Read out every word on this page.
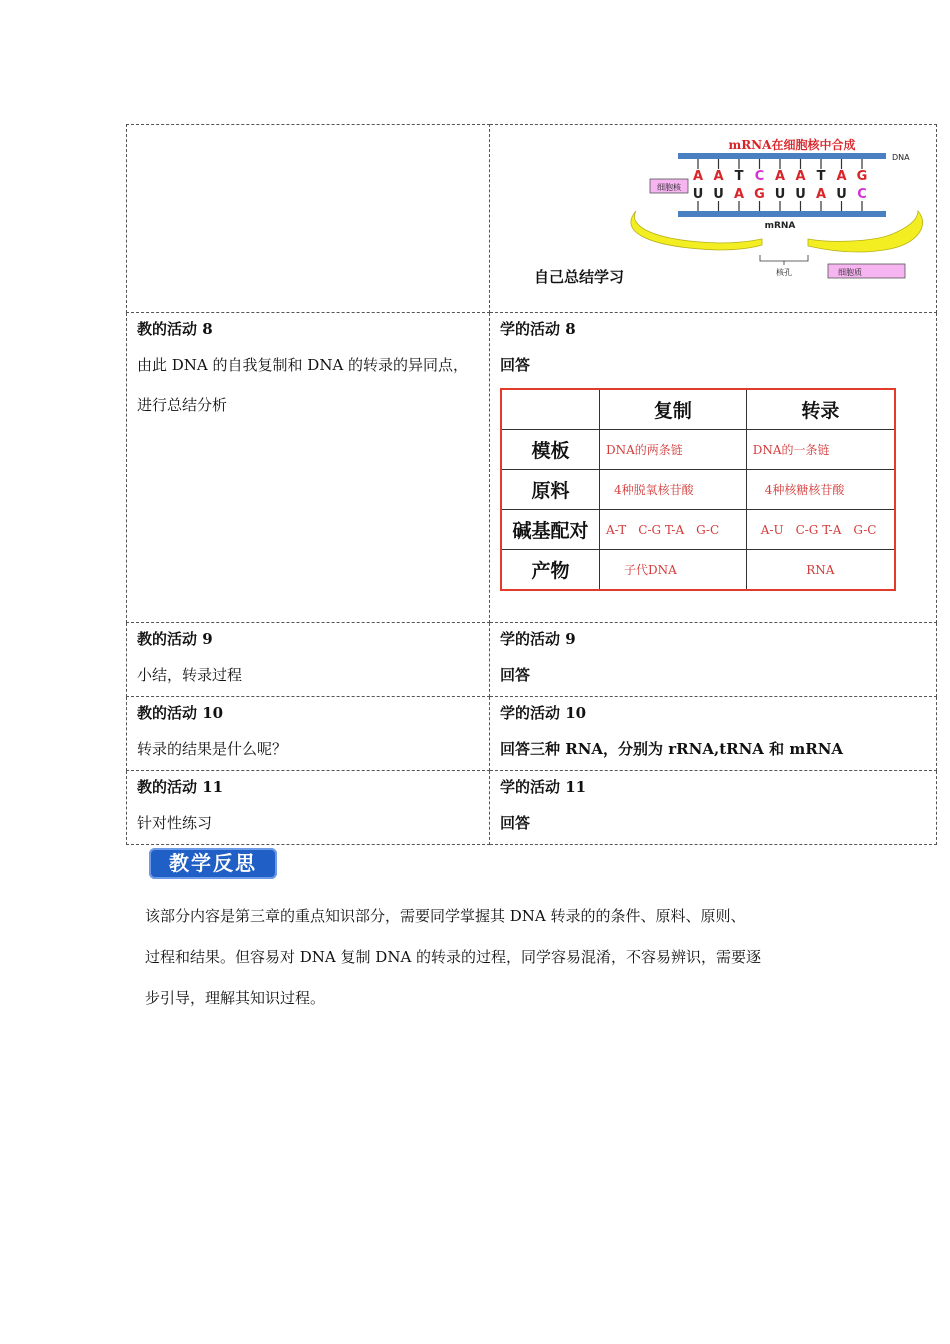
mRNA在细胞核中合成
DNA
A A T C A A T A G
U U A G U U A U C
mRNA
细胞核
核孔	细胞质
自己总结学习

教的活动 8
由此 DNA 的自我复制和 DNA 的转录的异同点，
进行总结分析

学的活动 8
回答
	复制	转录
模板	DNA的两条链	DNA的一条链
原料	4种脱氧核苷酸	4种核糖核苷酸
碱基配对	A-T　C-G T-A　G-C	A-U　C-G T-A　G-C
产物	子代DNA	RNA

教的活动 9
小结，转录过程

学的活动 9
回答

教的活动 10
转录的结果是什么呢？

学的活动 10
回答三种 RNA，分别为 rRNA,tRNA 和 mRNA

教的活动 11
针对性练习

学的活动 11
回答
教学反思

该部分内容是第三章的重点知识部分，需要同学掌握其 DNA 转录的的条件、原料、原则、

过程和结果。但容易对 DNA 复制 DNA 的转录的过程，同学容易混淆，不容易辨识，需要逐

步引导，理解其知识过程。
